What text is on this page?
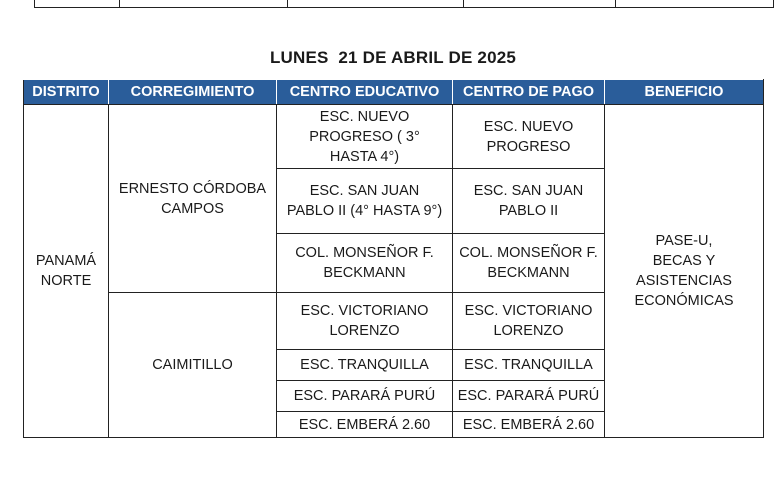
LUNES  21 DE ABRIL DE 2025
DISTRITO	CORREGIMIENTO	CENTRO EDUCATIVO	CENTRO DE PAGO	BENEFICIO
PANAMÁ NORTE	ERNESTO CÓRDOBA CAMPOS	ESC. NUEVO PROGRESO ( 3° HASTA 4°)	ESC. NUEVO PROGRESO	PASE-U, BECAS Y ASISTENCIAS ECONÓMICAS
		ESC. SAN JUAN PABLO II (4° HASTA 9°)	ESC. SAN JUAN PABLO II	
		COL. MONSEÑOR F. BECKMANN	COL. MONSEÑOR F. BECKMANN	
	CAIMITILLO	ESC. VICTORIANO LORENZO	ESC. VICTORIANO LORENZO	
		ESC. TRANQUILLA	ESC. TRANQUILLA	
		ESC. PARARÁ PURÚ	ESC. PARARÁ PURÚ	
		ESC. EMBERÁ 2.60	ESC. EMBERÁ 2.60	
